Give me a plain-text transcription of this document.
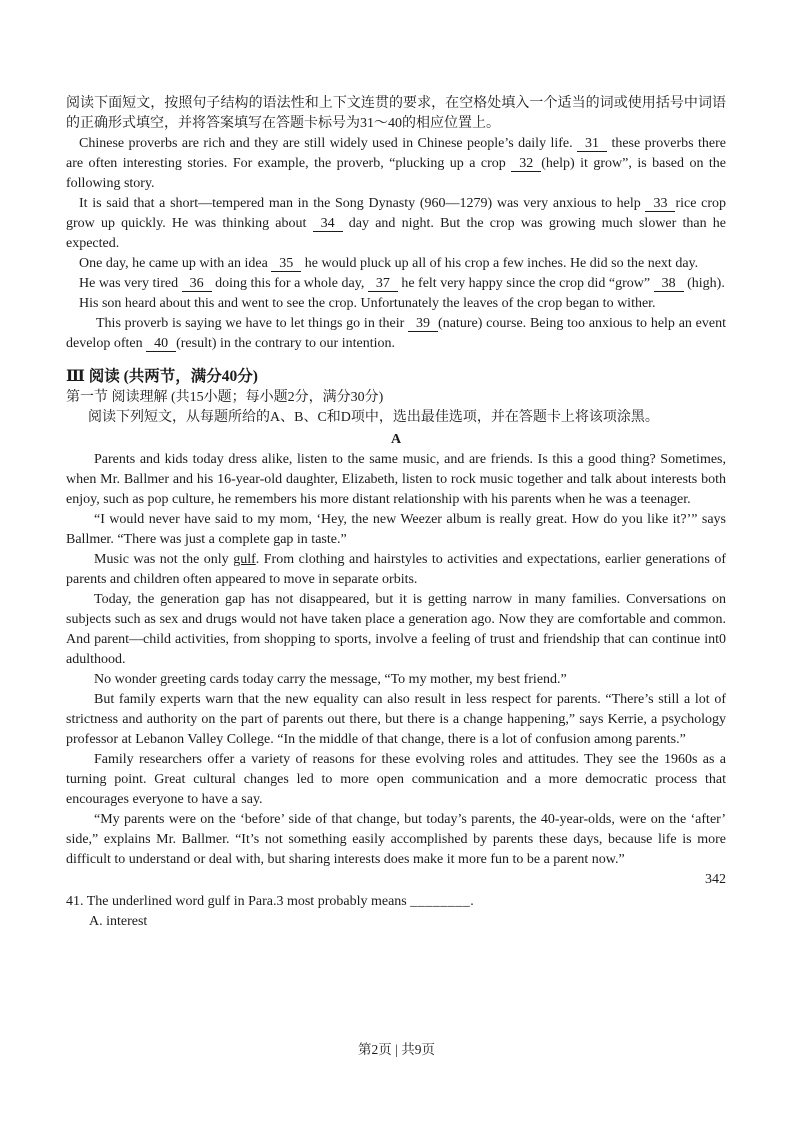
阅读下面短文，按照句子结构的语法性和上下文连贯的要求，在空格处填入一个适当的词或使用括号中词语的正确形式填空，并将答案填写在答题卡标号为31～40的相应位置上。

Chinese proverbs are rich and they are still widely used in Chinese people’s daily life. 31 these proverbs there are often interesting stories. For example, the proverb, “plucking up a crop 32 (help) it grow”, is based on the following story.

It is said that a short—tempered man in the Song Dynasty (960—1279) was very anxious to help 33 rice crop grow up quickly. He was thinking about 34 day and night. But the crop was growing much slower than he expected.

One day, he came up with an idea 35 he would pluck up all of his crop a few inches. He did so the next day.

He was very tired 36 doing this for a whole day, 37 he felt very happy since the crop did “grow” 38 (high).

His son heard about this and went to see the crop. Unfortunately the leaves of the crop began to wither.

This proverb is saying we have to let things go in their 39 (nature) course. Being too anxious to help an event develop often 40 (result) in the contrary to our intention.

Ⅲ 阅读 (共两节，满分40分)

第一节 阅读理解 (共15小题；每小题2分，满分30分)

阅读下列短文，从每题所给的A、B、C和D项中，选出最佳选项，并在答题卡上将该项涂黑。

A

Parents and kids today dress alike, listen to the same music, and are friends. Is this a good thing? Sometimes, when Mr. Ballmer and his 16-year-old daughter, Elizabeth, listen to rock music together and talk about interests both enjoy, such as pop culture, he remembers his more distant relationship with his parents when he was a teenager.

“I would never have said to my mom, ‘Hey, the new Weezer album is really great. How do you like it?’” says Ballmer. “There was just a complete gap in taste.”

Music was not the only gulf. From clothing and hairstyles to activities and expectations, earlier generations of parents and children often appeared to move in separate orbits.

Today, the generation gap has not disappeared, but it is getting narrow in many families. Conversations on subjects such as sex and drugs would not have taken place a generation ago. Now they are comfortable and common. And parent—child activities, from shopping to sports, involve a feeling of trust and friendship that can continue int0 adulthood.

No wonder greeting cards today carry the message, “To my mother, my best friend.”

But family experts warn that the new equality can also result in less respect for parents. “There’s still a lot of strictness and authority on the part of parents out there, but there is a change happening,” says Kerrie, a psychology professor at Lebanon Valley College. “In the middle of that change, there is a lot of confusion among parents.”

Family researchers offer a variety of reasons for these evolving roles and attitudes. They see the 1960s as a turning point. Great cultural changes led to more open communication and a more democratic process that encourages everyone to have a say.

“My parents were on the ‘before’ side of that change, but today’s parents, the 40-year-olds, were on the ‘after’ side,” explains Mr. Ballmer. “It’s not something easily accomplished by parents these days, because life is more difficult to understand or deal with, but sharing interests does make it more fun to be a parent now.”

342

41. The underlined word gulf in Para.3 most probably means ________.

A. interest

第2页 | 共9页
